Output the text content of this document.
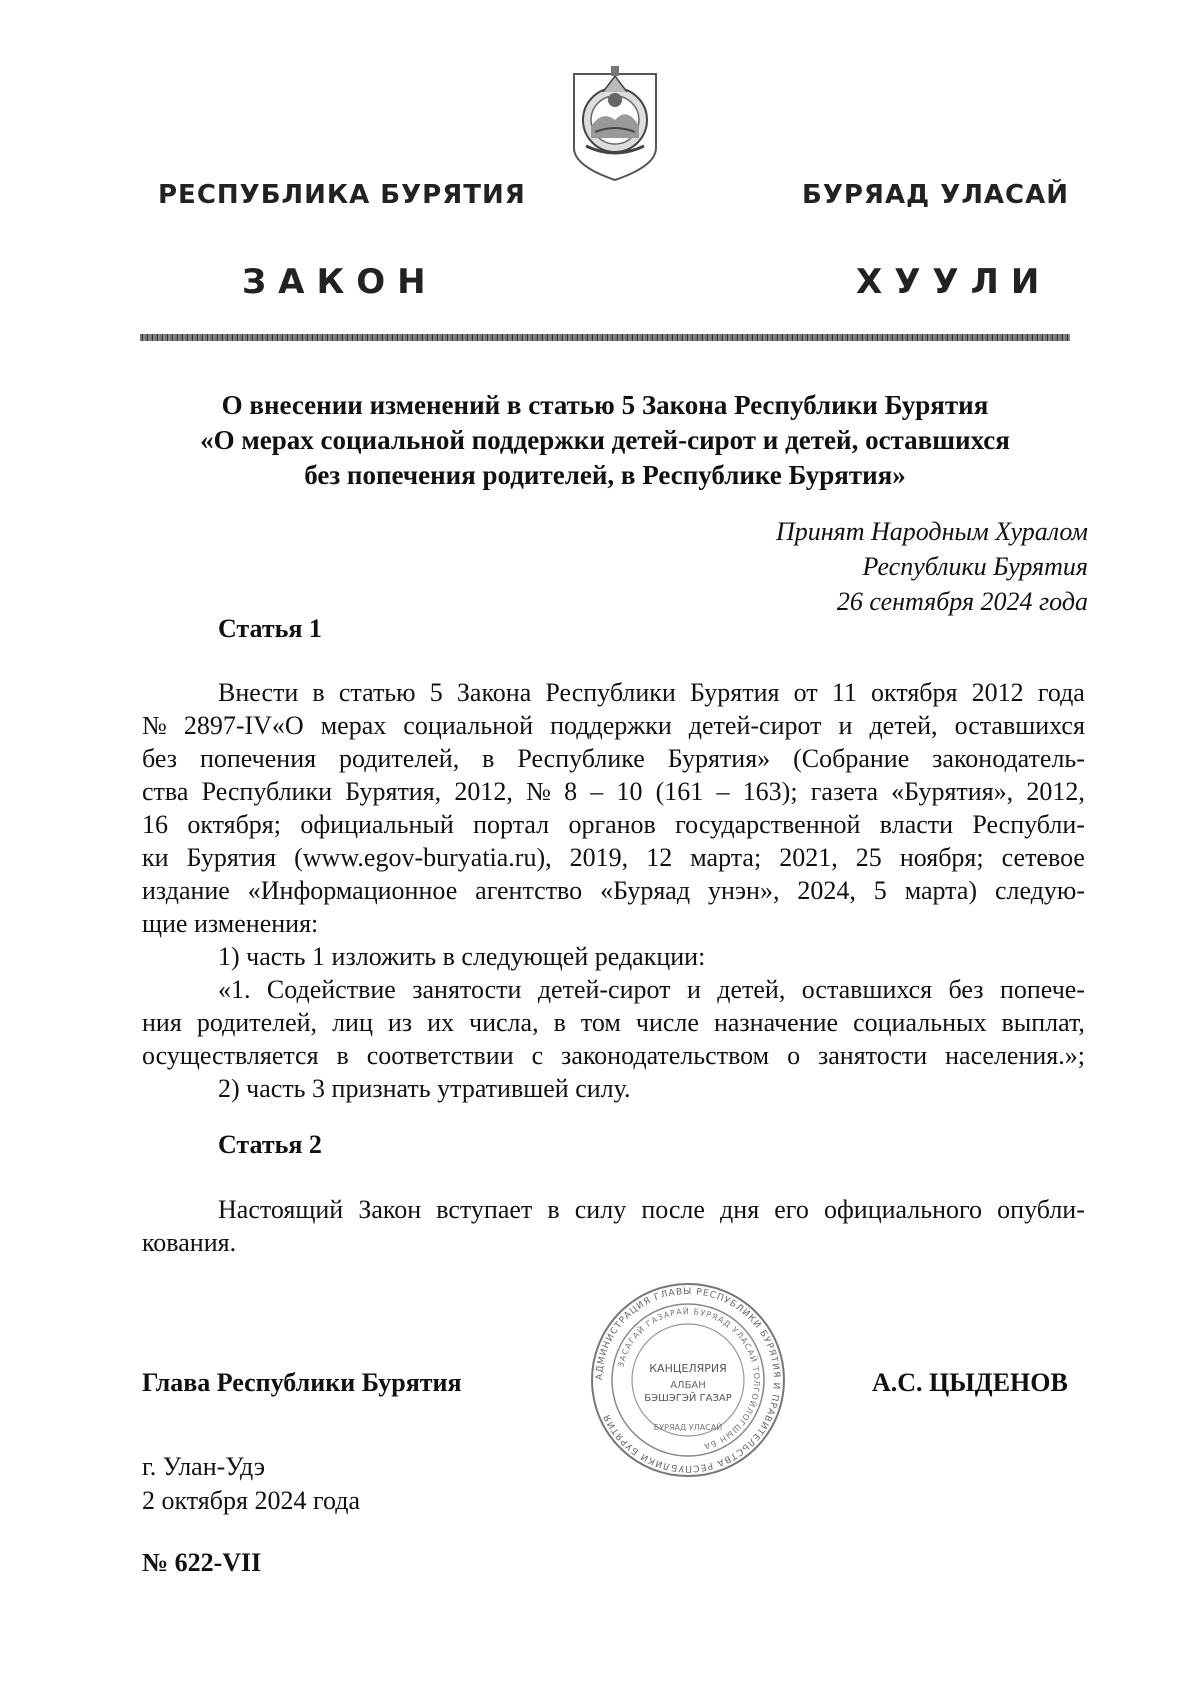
РЕСПУБЛИКА БУРЯТИЯ	БУРЯАД УЛАСАЙ
ЗАКОН	ХУУЛИ
О внесении изменений в статью 5 Закона Республики Бурятия
«О мерах социальной поддержки детей-сирот и детей, оставшихся
без попечения родителей, в Республике Бурятия»
Принят Народным Хуралом
Республики Бурятия
26 сентября 2024 года
Статья 1
Внести в статью 5 Закона Республики Бурятия от 11 октября 2012 года
№ 2897-IV«О мерах социальной поддержки детей-сирот и детей, оставшихся
без попечения родителей, в Республике Бурятия» (Собрание законодатель-
ства Республики Бурятия, 2012, № 8 – 10 (161 – 163); газета «Бурятия», 2012,
16 октября; официальный портал органов государственной власти Республи-
ки Бурятия (www.egov-buryatia.ru), 2019, 12 марта; 2021, 25 ноября; сетевое
издание «Информационное агентство «Буряад унэн», 2024, 5 марта) следую-
щие изменения:
1) часть 1 изложить в следующей редакции:
«1. Содействие занятости детей-сирот и детей, оставшихся без попече-
ния родителей, лиц из их числа, в том числе назначение социальных выплат,
осуществляется в соответствии с законодательством о занятости населения.»;
2) часть 3 признать утратившей силу.
Статья 2
Настоящий Закон вступает в силу после дня его официального опубли-
кования.
Глава Республики Бурятия	А.С. ЦЫДЕНОВ
АДМИНИСТРАЦИЯ ГЛАВЫ РЕСПУБЛИКИ БУРЯТИЯ И ПРАВИТЕЛЬСТВА РЕСПУБЛИКИ БУРЯТИЯ
ЗАСАГАЙ ГАЗАРАЙ БУРЯАД УЛАСАЙ ТОЛГОЙЛОГШЫН БА
КАНЦЕЛЯРИЯ
АЛБАН
БЭШЭГЭЙ ГАЗАР
БУРЯАД УЛАСАЙ
г. Улан-Удэ
2 октября 2024 года
№ 622-VII
